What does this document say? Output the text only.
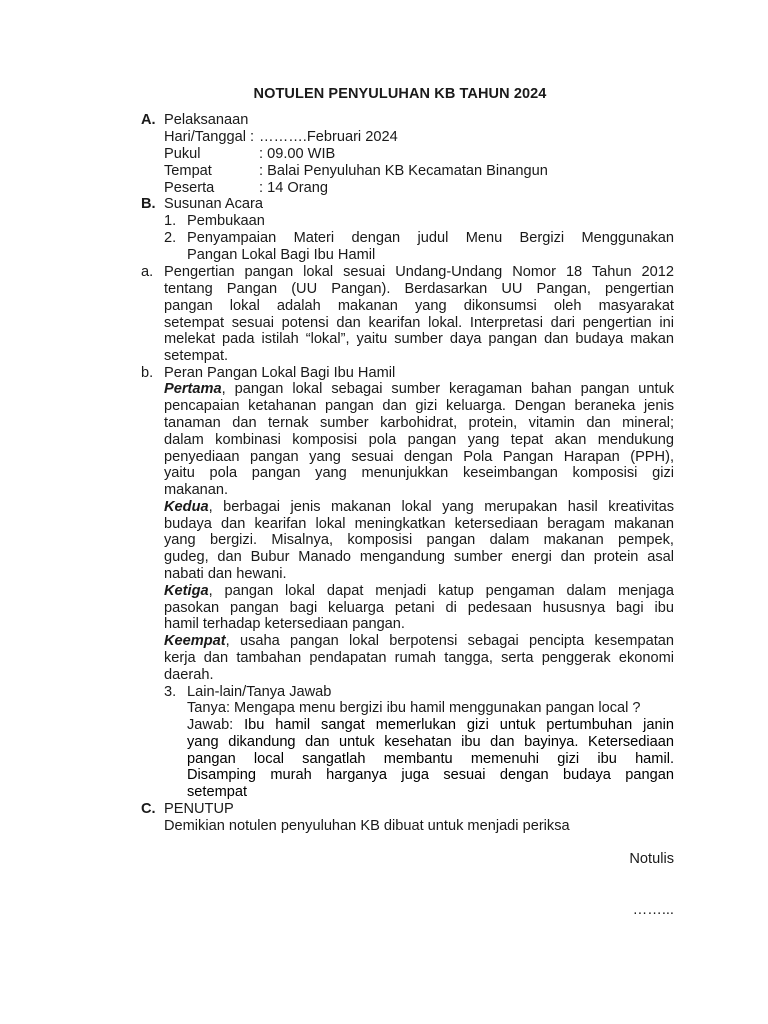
NOTULEN PENYULUHAN KB TAHUN 2024
A. Pelaksanaan
Hari/Tanggal : ……….Februari 2024
Pukul	: 09.00 WIB
Tempat	: Balai Penyuluhan KB Kecamatan Binangun
Peserta	: 14 Orang
B. Susunan Acara
1. Pembukaan
2. Penyampaian Materi dengan judul Menu Bergizi Menggunakan
Pangan Lokal Bagi Ibu Hamil
a. Pengertian pangan lokal sesuai Undang-Undang Nomor 18 Tahun 2012
tentang Pangan (UU Pangan). Berdasarkan UU Pangan, pengertian
pangan lokal adalah makanan yang dikonsumsi oleh masyarakat
setempat sesuai potensi dan kearifan lokal. Interpretasi dari pengertian ini
melekat pada istilah “lokal”, yaitu sumber daya pangan dan budaya makan
setempat.
b. Peran Pangan Lokal Bagi Ibu Hamil
Pertama, pangan lokal sebagai sumber keragaman bahan pangan untuk
pencapaian ketahanan pangan dan gizi keluarga. Dengan beraneka jenis
tanaman dan ternak sumber karbohidrat, protein, vitamin dan mineral;
dalam kombinasi komposisi pola pangan yang tepat akan mendukung
penyediaan pangan yang sesuai dengan Pola Pangan Harapan (PPH),
yaitu pola pangan yang menunjukkan keseimbangan komposisi gizi
makanan.
Kedua, berbagai jenis makanan lokal yang merupakan hasil kreativitas
budaya dan kearifan lokal meningkatkan ketersediaan beragam makanan
yang bergizi. Misalnya, komposisi pangan dalam makanan pempek,
gudeg, dan Bubur Manado mengandung sumber energi dan protein asal
nabati dan hewani.
Ketiga, pangan lokal dapat menjadi katup pengaman dalam menjaga
pasokan pangan bagi keluarga petani di pedesaan hususnya bagi ibu
hamil terhadap ketersediaan pangan.
Keempat, usaha pangan lokal berpotensi sebagai pencipta kesempatan
kerja dan tambahan pendapatan rumah tangga, serta penggerak ekonomi
daerah.
3. Lain-lain/Tanya Jawab
Tanya: Mengapa menu bergizi ibu hamil menggunakan pangan local ?
Jawab: Ibu hamil sangat memerlukan gizi untuk pertumbuhan janin
yang dikandung dan untuk kesehatan ibu dan bayinya. Ketersediaan
pangan local sangatlah membantu memenuhi gizi ibu hamil.
Disamping murah harganya juga sesuai dengan budaya pangan
setempat
C. PENUTUP
Demikian notulen penyuluhan KB dibuat untuk menjadi periksa
Notulis
……...
